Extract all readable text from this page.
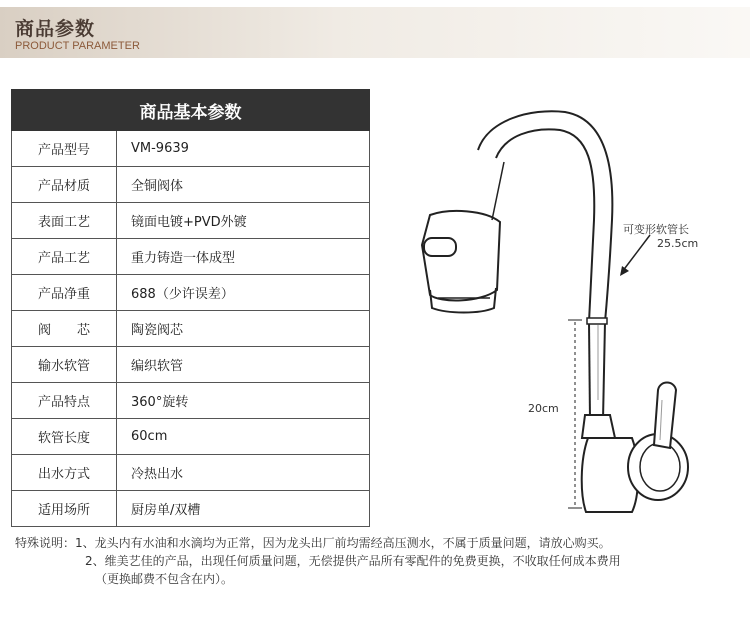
商品参数
PRODUCT PARAMETER
商品基本参数	
产品型号	VM-9639
产品材质	全铜阀体
表面工艺	镜面电镀+PVD外镀
产品工艺	重力铸造一体成型
产品净重	688（少许误差）
阀　　芯	陶瓷阀芯
输水软管	编织软管
产品特点	360°旋转
软管长度	60cm
出水方式	冷热出水
适用场所	厨房单/双槽
可变形软管长
25.5cm
20cm
特殊说明：1、龙头内有水油和水滴均为正常，因为龙头出厂前均需经高压测水，不属于质量问题，请放心购买。
2、维美艺佳的产品，出现任何质量问题，无偿提供产品所有零配件的免费更换，不收取任何成本费用
（更换邮费不包含在内）。
